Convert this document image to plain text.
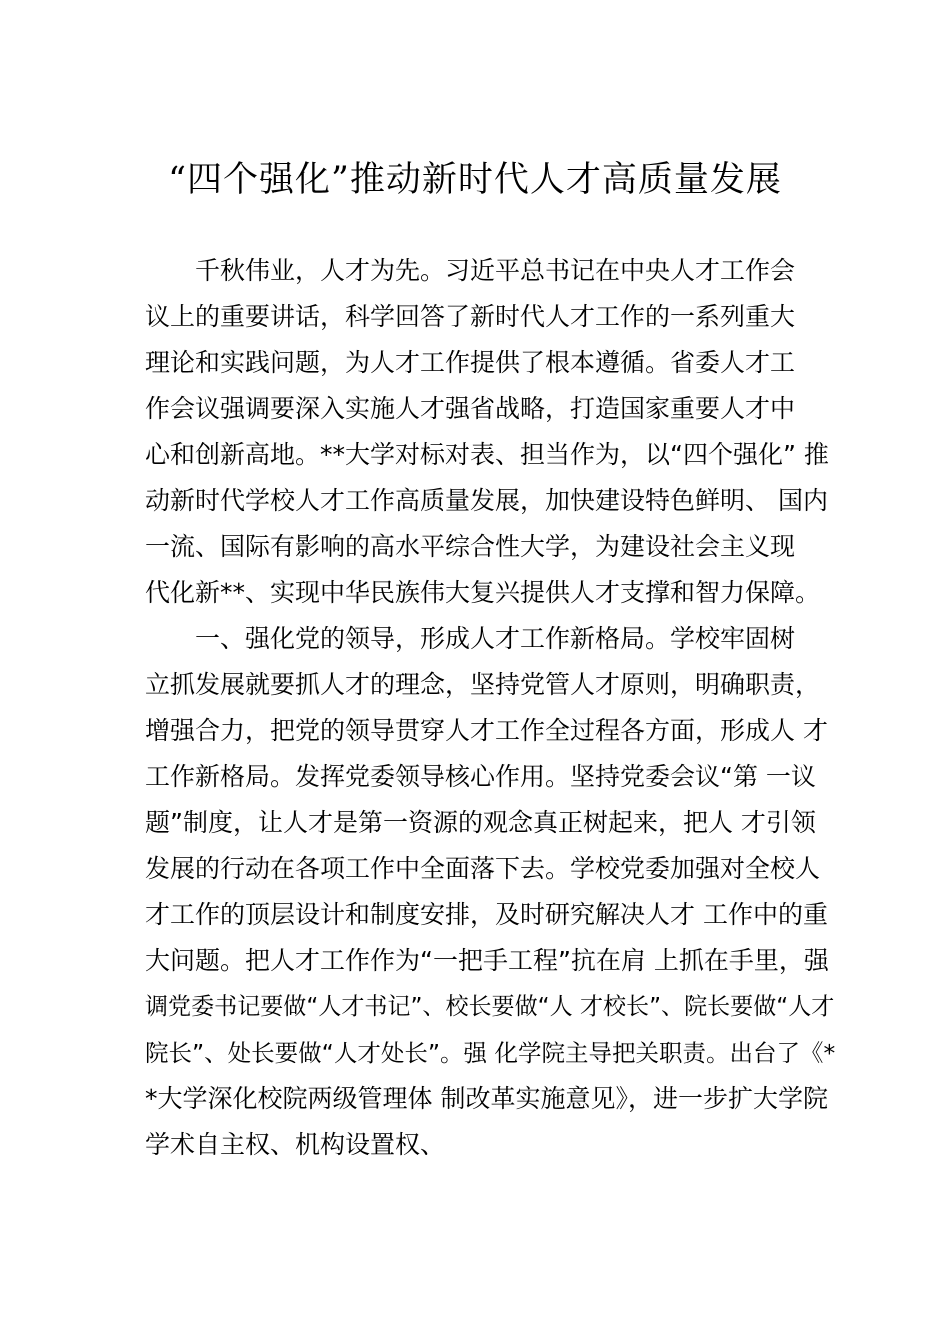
“四个强化”推动新时代人才高质量发展

千秋伟业，人才为先。习近平总书记在中央人才工作会

议上的重要讲话，科学回答了新时代人才工作的一系列重大

理论和实践问题，为人才工作提供了根本遵循。省委人才工

作会议强调要深入实施人才强省战略，打造国家重要人才中

心和创新高地。**大学对标对表、担当作为，以“四个强化” 推

动新时代学校人才工作高质量发展，加快建设特色鲜明、 国内

一流、国际有影响的高水平综合性大学，为建设社会主义现

代化新**、实现中华民族伟大复兴提供人才支撑和智力保障。

一、强化党的领导，形成人才工作新格局。学校牢固树

立抓发展就要抓人才的理念，坚持党管人才原则，明确职责，

增强合力，把党的领导贯穿人才工作全过程各方面，形成人 才

工作新格局。发挥党委领导核心作用。坚持党委会议“第 一议

题”制度，让人才是第一资源的观念真正树起来，把人 才引领

发展的行动在各项工作中全面落下去。学校党委加强对全校人

才工作的顶层设计和制度安排，及时研究解决人才 工作中的重

大问题。把人才工作作为“一把手工程”抗在肩 上抓在手里，强

调党委书记要做“人才书记”、校长要做“人 才校长”、院长要做“人才

院长”、处长要做“人才处长”。强 化学院主导把关职责。出台了《*

*大学深化校院两级管理体 制改革实施意见》，进一步扩大学院

学术自主权、机构设置权、
